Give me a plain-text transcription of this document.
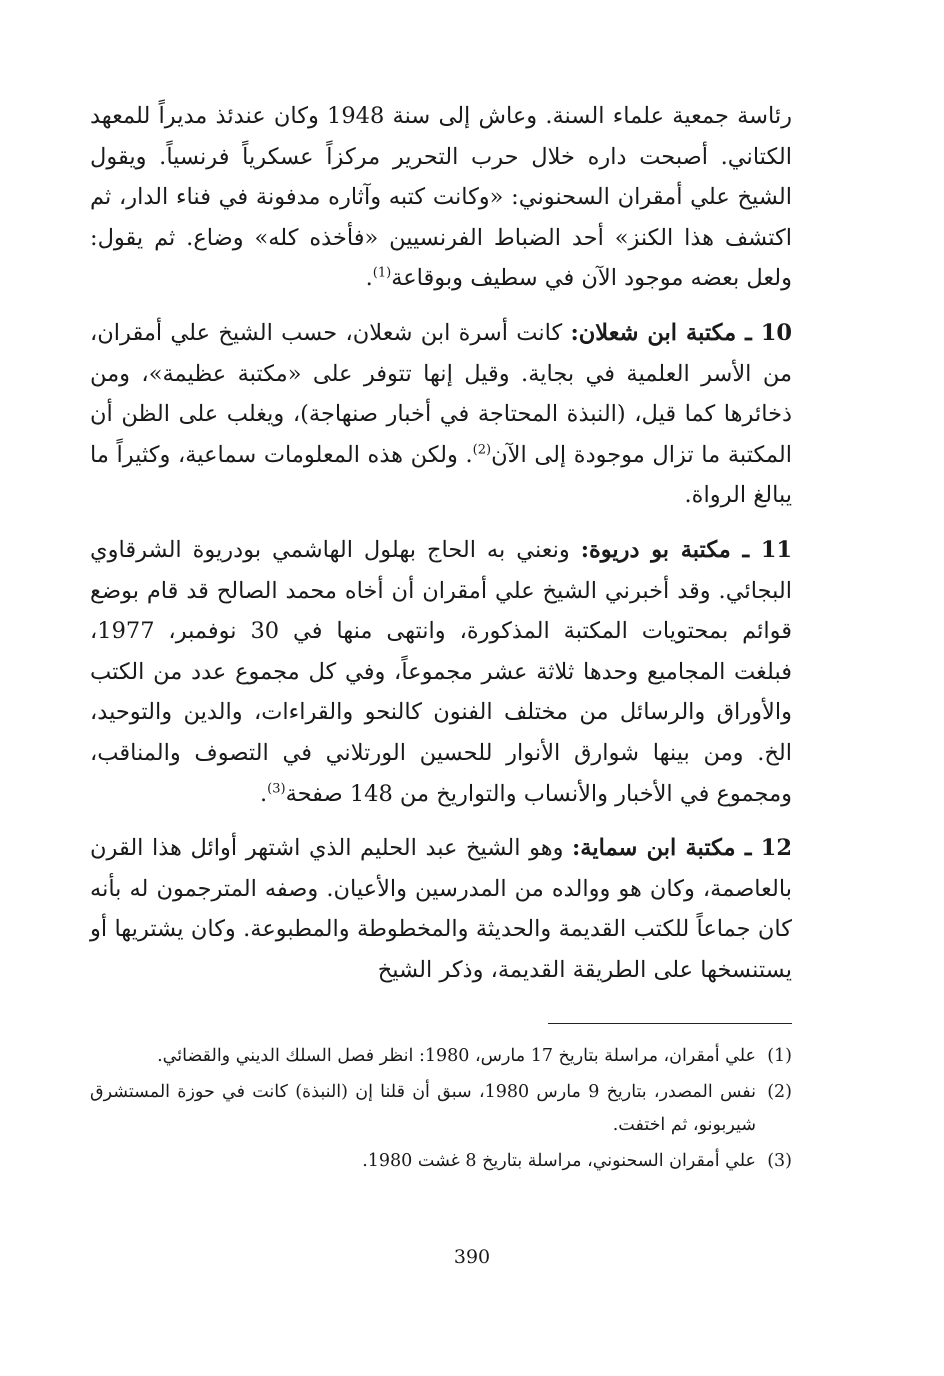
رئاسة جمعية علماء السنة. وعاش إلى سنة 1948 وكان عندئذ مديراً للمعهد الكتاني. أصبحت داره خلال حرب التحرير مركزاً عسكرياً فرنسياً. ويقول الشيخ علي أمقران السحنوني: «وكانت كتبه وآثاره مدفونة في فناء الدار، ثم اكتشف هذا الكنز» أحد الضباط الفرنسيين «فأخذه كله» وضاع. ثم يقول: ولعل بعضه موجود الآن في سطيف وبوقاعة$^{(1)}$.

10 ـ مكتبة ابن شعلان: كانت أسرة ابن شعلان، حسب الشيخ علي أمقران، من الأسر العلمية في بجاية. وقيل إنها تتوفر على «مكتبة عظيمة»، ومن ذخائرها كما قيل، (النبذة المحتاجة في أخبار صنهاجة)، ويغلب على الظن أن المكتبة ما تزال موجودة إلى الآن$^{(2)}$. ولكن هذه المعلومات سماعية، وكثيراً ما يبالغ الرواة.

11 ـ مكتبة بو دريوة: ونعني به الحاج بهلول الهاشمي بودريوة الشرقاوي البجائي. وقد أخبرني الشيخ علي أمقران أن أخاه محمد الصالح قد قام بوضع قوائم بمحتويات المكتبة المذكورة، وانتهى منها في 30 نوفمبر، 1977، فبلغت المجاميع وحدها ثلاثة عشر مجموعاً، وفي كل مجموع عدد من الكتب والأوراق والرسائل من مختلف الفنون كالنحو والقراءات، والدين والتوحيد، الخ. ومن بينها شوارق الأنوار للحسين الورتلاني في التصوف والمناقب، ومجموع في الأخبار والأنساب والتواريخ من 148 صفحة$^{(3)}$.

12 ـ مكتبة ابن سماية: وهو الشيخ عبد الحليم الذي اشتهر أوائل هذا القرن بالعاصمة، وكان هو ووالده من المدرسين والأعيان. وصفه المترجمون له بأنه كان جماعاً للكتب القديمة والحديثة والمخطوطة والمطبوعة. وكان يشتريها أو يستنسخها على الطريقة القديمة، وذكر الشيخ

(1)
علي أمقران، مراسلة بتاريخ 17 مارس، 1980: انظر فصل السلك الديني والقضائي.
(2)
نفس المصدر، بتاريخ 9 مارس 1980، سبق أن قلنا إن (النبذة) كانت في حوزة المستشرق شيربونو، ثم اختفت.
(3)
علي أمقران السحنوني، مراسلة بتاريخ 8 غشت 1980.
390
